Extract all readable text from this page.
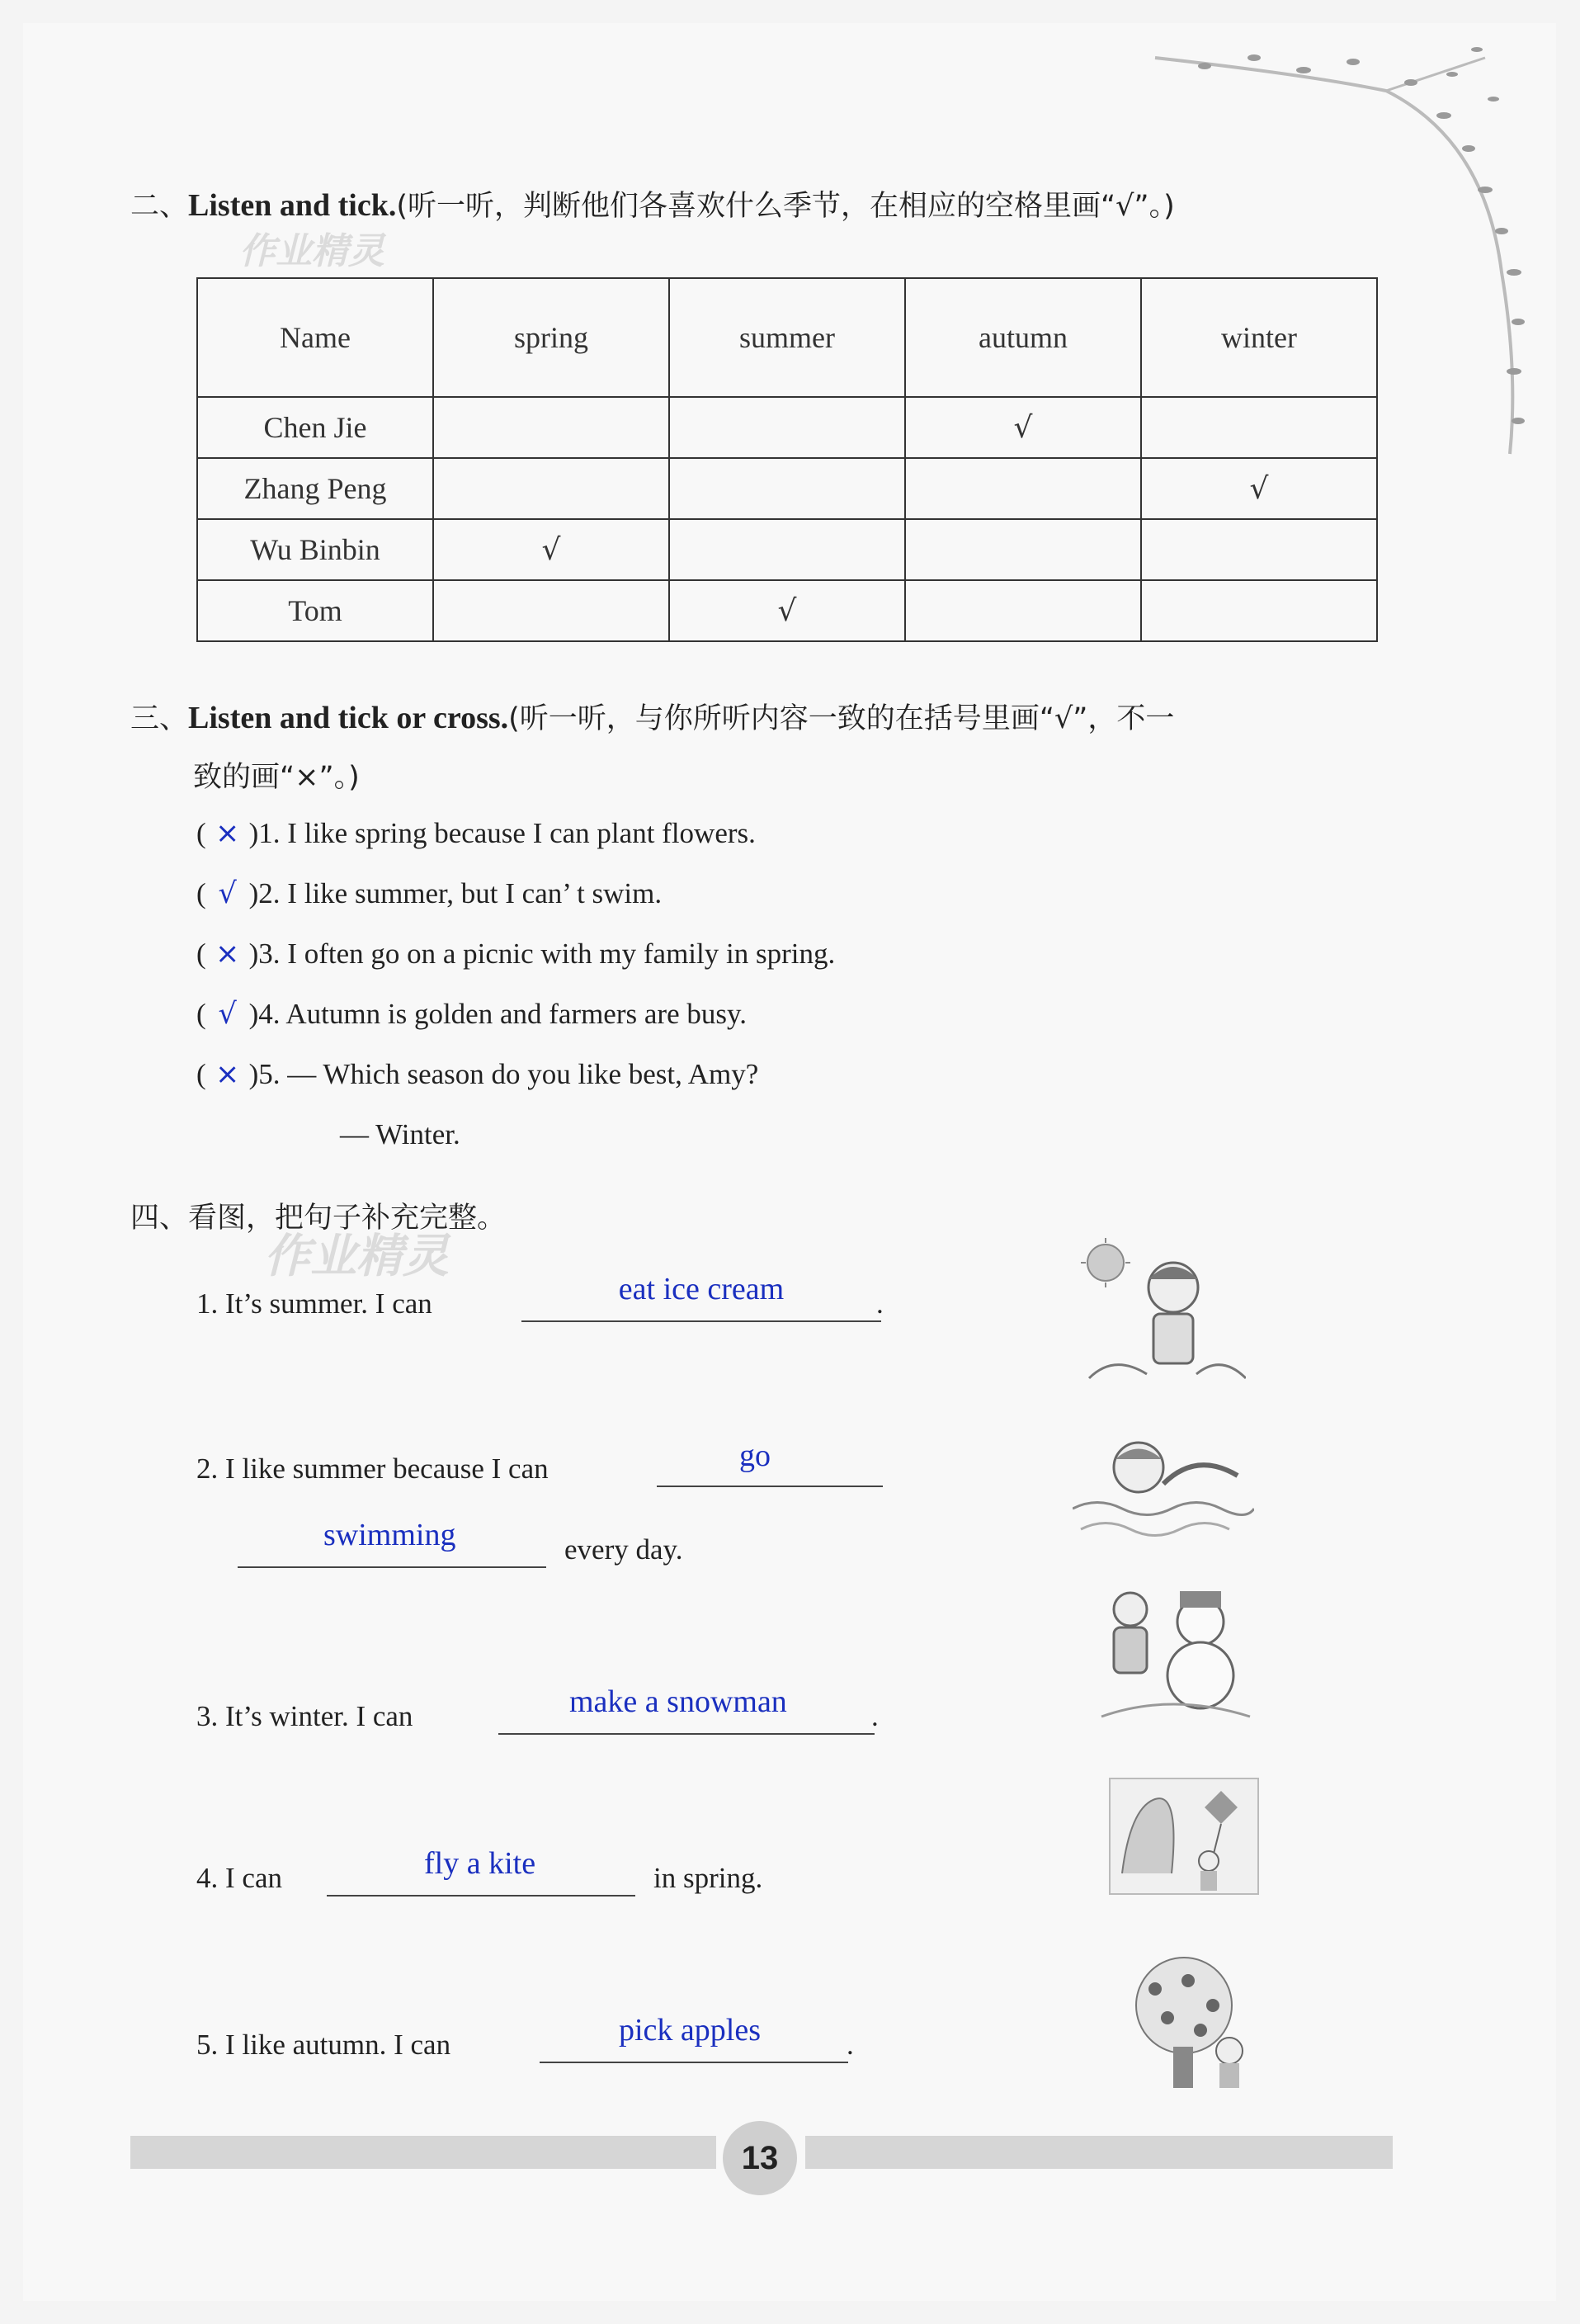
二、Listen and tick.(听一听，判断他们各喜欢什么季节，在相应的空格里画“√”。)
作业精灵
Name	spring	summer	autumn	winter
Chen Jie			√	
Zhang Peng				√
Wu Binbin	√			
Tom		√		
三、Listen and tick or cross.(听一听，与你所听内容一致的在括号里画“√”，不一
致的画“×”。)
( × )1. I like spring because I can plant flowers.
( √ )2. I like summer, but I can’ t swim.
( × )3. I often go on a picnic with my family in spring.
( √ )4. Autumn is golden and farmers are busy.
( × )5. — Which season do you like best, Amy?
— Winter.
四、看图，把句子补充完整。
作业精灵
1. It’s summer. I can	eat ice cream	.
2. I like summer because I can	go
swimming	every day.
3. It’s winter. I can	make a snowman	.
4. I can	fly a kite	in spring.
5. I like autumn. I can	pick apples	.
13
